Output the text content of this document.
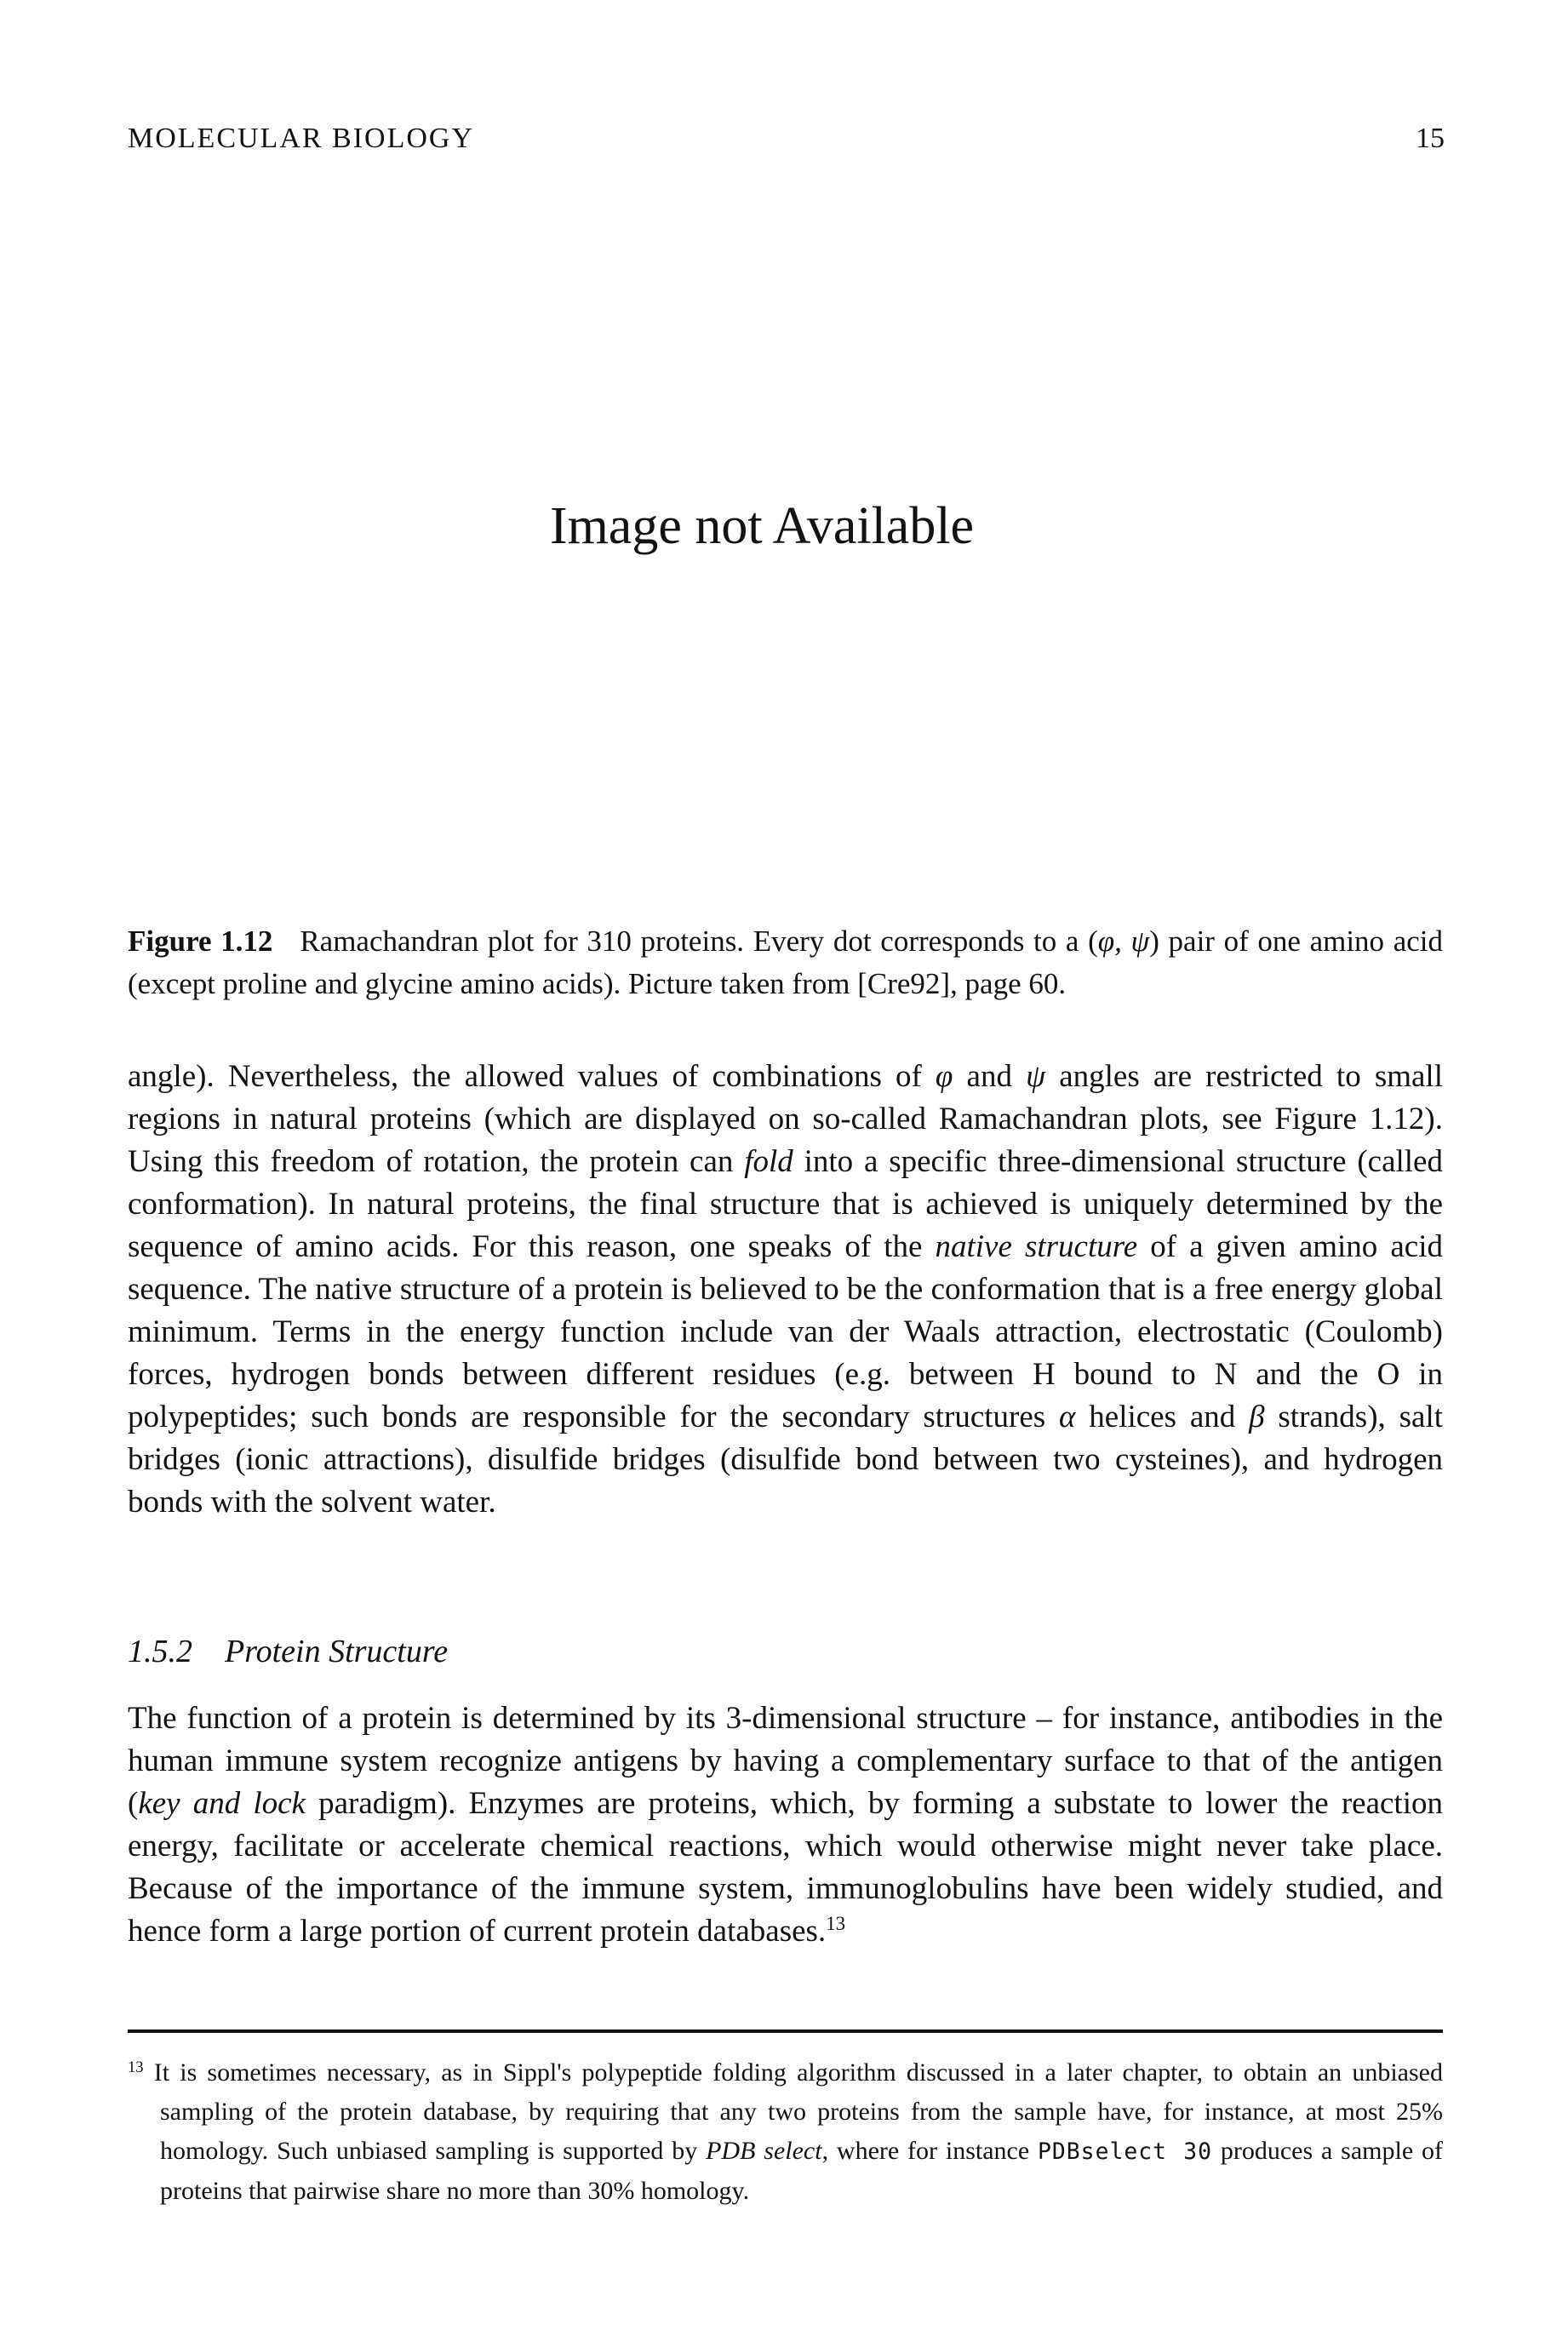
MOLECULAR BIOLOGY	15
Image not Available
Figure 1.12   Ramachandran plot for 310 proteins. Every dot corresponds to a (φ, ψ) pair of one amino acid (except proline and glycine amino acids). Picture taken from [Cre92], page 60.
angle). Nevertheless, the allowed values of combinations of φ and ψ angles are restricted to small regions in natural proteins (which are displayed on so-called Ramachandran plots, see Figure 1.12). Using this freedom of rotation, the protein can fold into a specific three-dimensional structure (called conformation). In natural proteins, the final structure that is achieved is uniquely determined by the sequence of amino acids. For this reason, one speaks of the native structure of a given amino acid sequence. The native structure of a protein is believed to be the conformation that is a free energy global minimum. Terms in the energy function include van der Waals attraction, electrostatic (Coulomb) forces, hydrogen bonds between different residues (e.g. between H bound to N and the O in polypeptides; such bonds are responsible for the secondary structures α helices and β strands), salt bridges (ionic attractions), disulfide bridges (disulfide bond between two cysteines), and hydrogen bonds with the solvent water.
1.5.2 Protein Structure
The function of a protein is determined by its 3-dimensional structure – for instance, antibodies in the human immune system recognize antigens by having a complementary surface to that of the antigen (key and lock paradigm). Enzymes are proteins, which, by forming a substate to lower the reaction energy, facilitate or accelerate chemical reactions, which would otherwise might never take place. Because of the importance of the immune system, immunoglobulins have been widely studied, and hence form a large portion of current protein databases.$^{13}$
$^{13}$ It is sometimes necessary, as in Sippl's polypeptide folding algorithm discussed in a later chapter, to obtain an unbiased sampling of the protein database, by requiring that any two proteins from the sample have, for instance, at most 25% homology. Such unbiased sampling is supported by PDB select, where for instance PDBselect 30 produces a sample of proteins that pairwise share no more than 30% homology.
